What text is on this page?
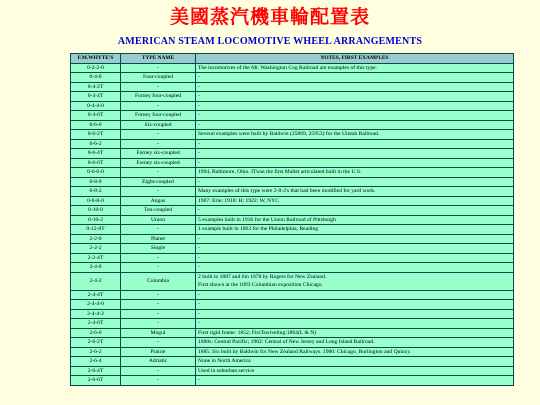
美國蒸汽機車輪配置表
AMERICAN STEAM LOCOMOTIVE WHEEL ARRANGEMENTS
F.M.WHYTE'S	TYPE NAME	NOTES, FIRST EXAMPLES
0-2-2-0	-	The locomotives of the Mt. Washington Cog Railroad are examples of this type.
0-4-0	Four-coupled	-
0-4-2T	-	-
0-4-4T	Forney four-coupled	-
0-4-4-0	-	-
0-4-6T	Forney four-coupled	-
0-6-0	Six-coupled	-
0-6-2T	-	Several examples were built by Baldwin (25869, 25953) for the Uintah Railroad.
0-6-2	-	-
0-6-4T	Forney six-coupled	-
0-6-6T	Forney six-coupled	-
0-6-6-0	-	1904, Baltimore, Ohio. ITwas the first Mallet articulated built in the U.S.
0-8-0	Eight-coupled	-
0-8-2	-	Many examples of this type were 2-8-2's that had been modified for yard work.
0-8-8-0	Angus	1907: Erie; 1910: H; 1922: W, NYC
0-10-0	Ten-coupled	-
0-10-2	Union	5 examples built in 1936 for the Union Railroad of Pittsburgh
0-12-0T	-	1 example built in 1863 for the Philadelphia, Reading
2-2-0	Planet	-
2-2-2	Single	-
2-2-4T	-	-
2-4-0	-	-
2-4-2	Columbia	2 built in 1887 and 6in 1878 by Rogers for New Zealand.
First shown at the 1893 Columbian exposition Chicago.

2-4-4T	-	-
2-4-4-0	-	-
2-4-4-2	-	-
2-4-6T	-	-
2-6-0	Mogul	First rigid frame: 1852; FirsTswiveling:1864(L & N)
2-6-2T	-	1880s: Central Pacific; 1902: Central of New Jersey and Long Island Railroad.
2-6-2	Prairie	1885: Six built by Baldwin for New Zealand Railways. 1900: Chicago, Burlington and Quincy.
2-6-4	Adriatic	None in North America
2-6-4T	-	Used in suburban service
2-6-6T	-	-
